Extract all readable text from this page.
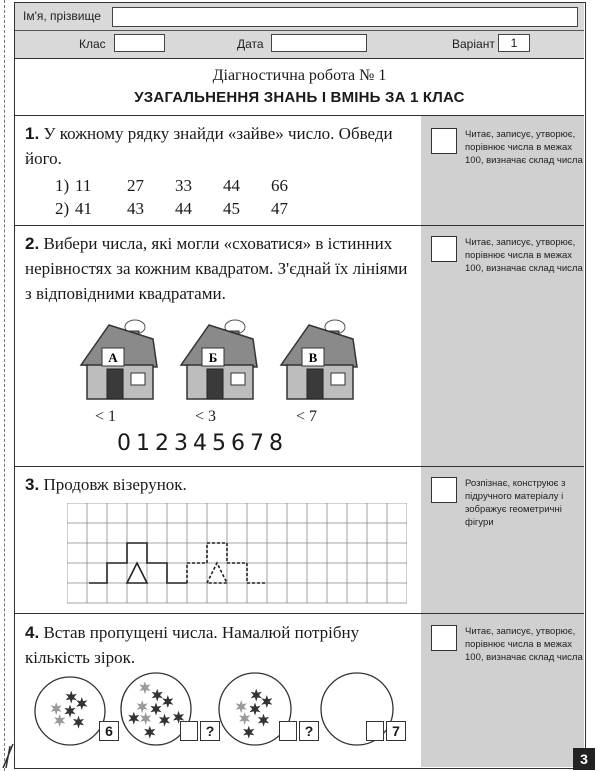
Ім'я, прізвище
Клас	Дата	Варіант	1
Діагностична робота № 1
УЗАГАЛЬНЕННЯ ЗНАНЬ І ВМІНЬ ЗА 1 КЛАС
1. У кожному рядку знайди «зайве» число. Обведи його.
1) 11 27 33 44 66
2) 41 43 44 45 47
Читає, записує, утворює, порівнює числа в межах 100, визначає склад числа
2. Вибери числа, які могли «сховатися» в істинних нерівностях за кожним квадратом. З'єднай їх лініями з відповідними квадратами.
Читає, записує, утворює, порівнює числа в межах 100, визначає склад числа
А	Б	В
< 1	< 3	< 7
012345678
3. Продовж візерунок.	Розпізнає, конструює з підручного матеріалу і зображує геометричні фігури
4. Встав пропущені числа. Намалюй потрібну кількість зірок.
Читає, записує, утворює, порівнює числа в межах 100, визначає склад числа
6	?	?	7
3
